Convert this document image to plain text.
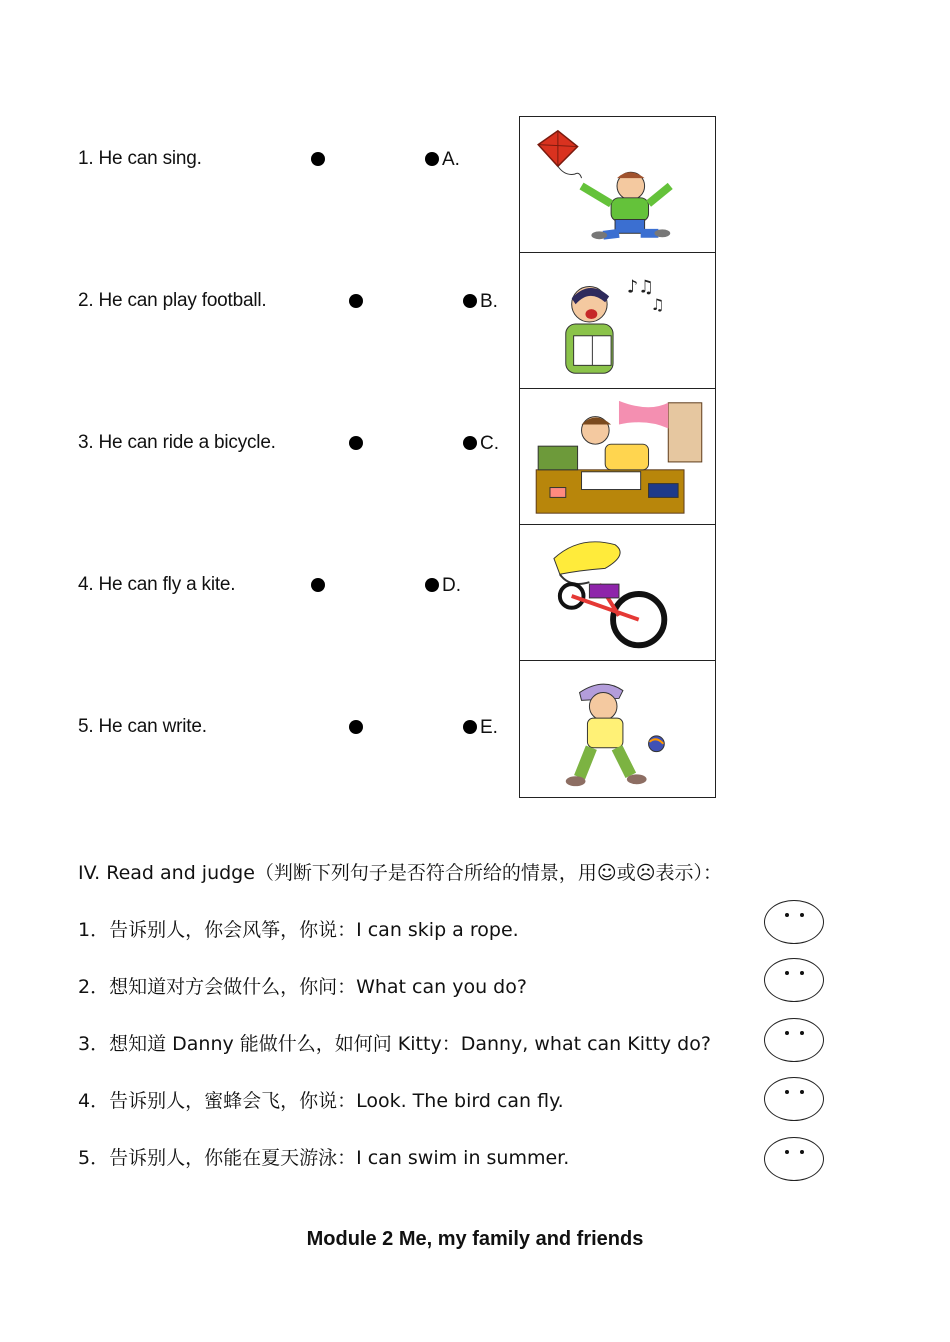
1. He can sing.	A.
2. He can play football.	B.
3. He can ride a bicycle.	C.
4. He can fly a kite.	D.
5. He can write.	E.
♪♫
♫
IV. Read and judge（判断下列句子是否符合所给的情景，用☺或☹表示）：
1．告诉别人，你会风筝，你说：I can skip a rope.
2．想知道对方会做什么，你问：What can you do?
3．想知道 Danny 能做什么，如何问 Kitty：Danny, what can Kitty do?
4．告诉别人，蜜蜂会飞，你说：Look. The bird can fly.
5．告诉别人，你能在夏天游泳：I can swim in summer.
Module 2 Me, my family and friends
